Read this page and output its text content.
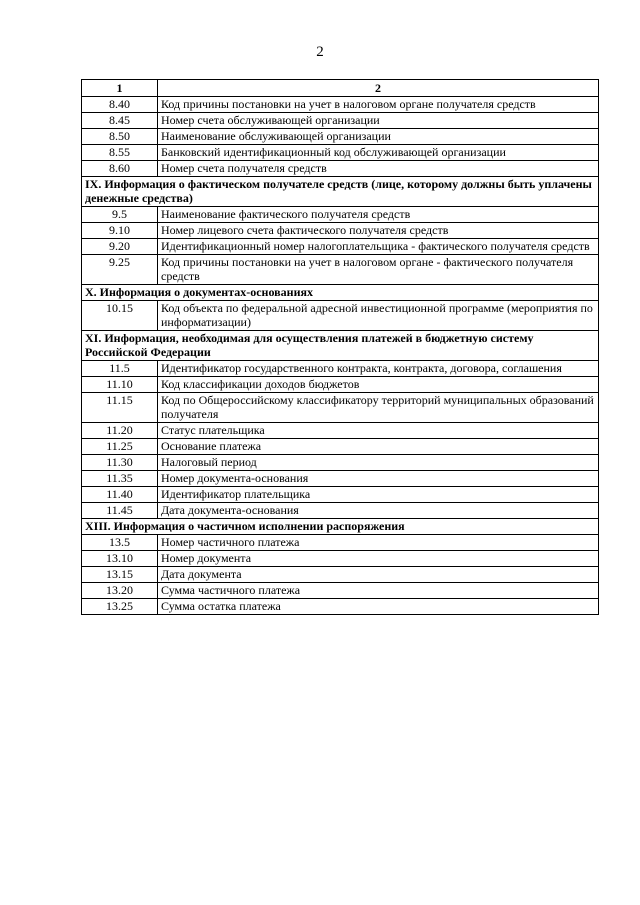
2
1	2
8.40	Код причины постановки на учет в налоговом органе получателя средств
8.45	Номер счета обслуживающей организации
8.50	Наименование обслуживающей организации
8.55	Банковский идентификационный код обслуживающей организации
8.60	Номер счета получателя средств
IX. Информация о фактическом получателе средств (лице, которому должны быть уплачены денежные средства)	
9.5	Наименование фактического получателя средств
9.10	Номер лицевого счета фактического получателя средств
9.20	Идентификационный номер налогоплательщика - фактического получателя средств
9.25	Код причины постановки на учет в налоговом органе - фактического получателя средств
X. Информация о документах-основаниях	
10.15	Код объекта по федеральной адресной инвестиционной программе (мероприятия по информатизации)
XI. Информация, необходимая для осуществления платежей в бюджетную систему Российской Федерации	
11.5	Идентификатор государственного контракта, контракта, договора, соглашения
11.10	Код классификации доходов бюджетов
11.15	Код по Общероссийскому классификатору территорий муниципальных образований получателя
11.20	Статус плательщика
11.25	Основание платежа
11.30	Налоговый период
11.35	Номер документа-основания
11.40	Идентификатор плательщика
11.45	Дата документа-основания
XIII. Информация о частичном исполнении распоряжения	
13.5	Номер частичного платежа
13.10	Номер документа
13.15	Дата документа
13.20	Сумма частичного платежа
13.25	Сумма остатка платежа
